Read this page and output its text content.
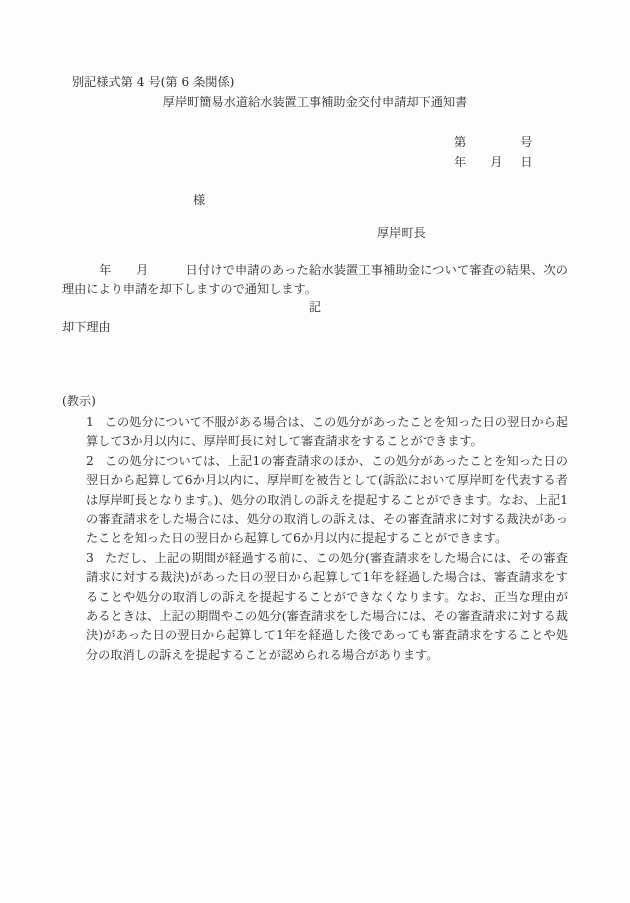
別記様式第 4 号(第 6 条関係)

厚岸町簡易水道給水装置工事補助金交付申請却下通知書

第	号

年 月 日

様

厚岸町長

　　　年　　月　　　日付けで申請のあった給水装置工事補助金について審査の結果、次の理由により申請を却下しますので通知します。

記

却下理由

(教示)

1 この処分について不服がある場合は、この処分があったことを知った日の翌日から起算して3か月以内に、厚岸町長に対して審査請求をすることができます。

2 この処分については、上記1の審査請求のほか、この処分があったことを知った日の翌日から起算して6か月以内に、厚岸町を被告として(訴訟において厚岸町を代表する者は厚岸町長となります。)、処分の取消しの訴えを提起することができます。なお、上記1の審査請求をした場合には、処分の取消しの訴えは、その審査請求に対する裁決があったことを知った日の翌日から起算して6か月以内に提起することができます。

3 ただし、上記の期間が経過する前に、この処分(審査請求をした場合には、その審査請求に対する裁決)があった日の翌日から起算して1年を経過した場合は、審査請求をすることや処分の取消しの訴えを提起することができなくなります。なお、正当な理由があるときは、上記の期間やこの処分(審査請求をした場合には、その審査請求に対する裁決)があった日の翌日から起算して1年を経過した後であっても審査請求をすることや処分の取消しの訴えを提起することが認められる場合があります。
